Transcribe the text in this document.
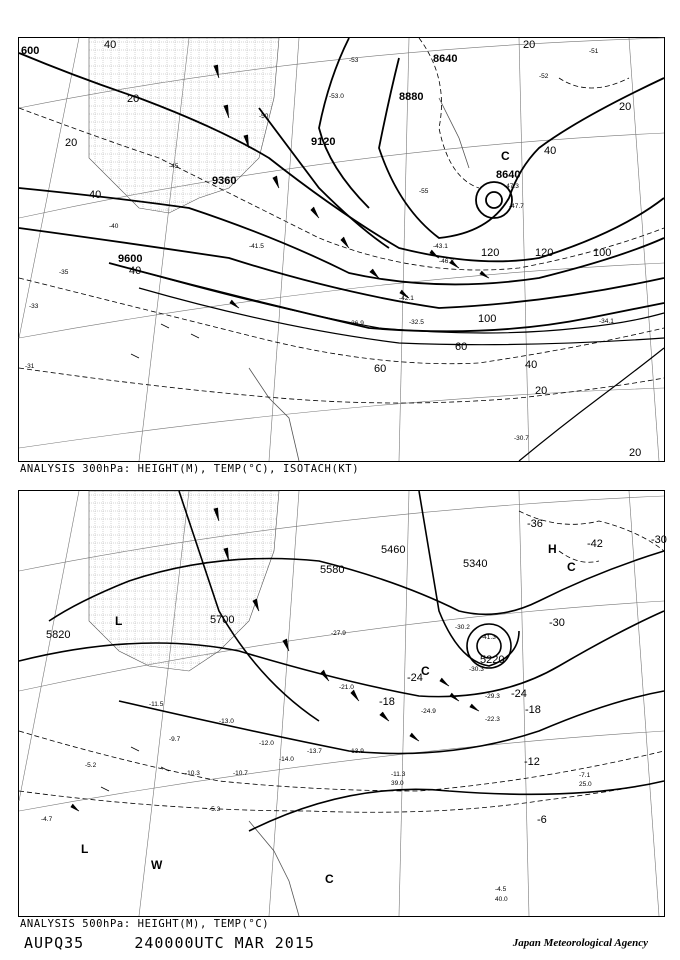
600
8640
8880
9120
9360
9600
8640
40
20
20
40
20
40
60
40
20
120	120	100
100
60
40
20
20
-51
-52
-53
-55
-50
-45
-40
-35
-33
-31
-30.7
-34.1
-36.9
-41.5
-42.1
-32.5
-47.3
-43.1
-46.3
-47.7
-53.0
C
ANALYSIS 300hPa: HEIGHT(M), TEMP(°C), ISOTACH(KT)
5460
5340
5580
5700
5820
5220
-30
-30
-24
-18
-12
-6
-36
-42
-24
-18
-30.2
-41.3
-30.3
-29.3
-22.3
-13.9
-11.3	-7.1
-4.5
40.0
39.0	25.0
-10.3
-12.0
-13.7
-5.2
-4.7
-5.3
-11.5
-13.0
-14.0
-21.0
-24.9
-27.9
-10.7
-9.7
H
C
L
C
L
W
C
ANALYSIS 500hPa: HEIGHT(M), TEMP(°C)
AUPQ35	240000UTC MAR 2015	Japan Meteorological Agency
